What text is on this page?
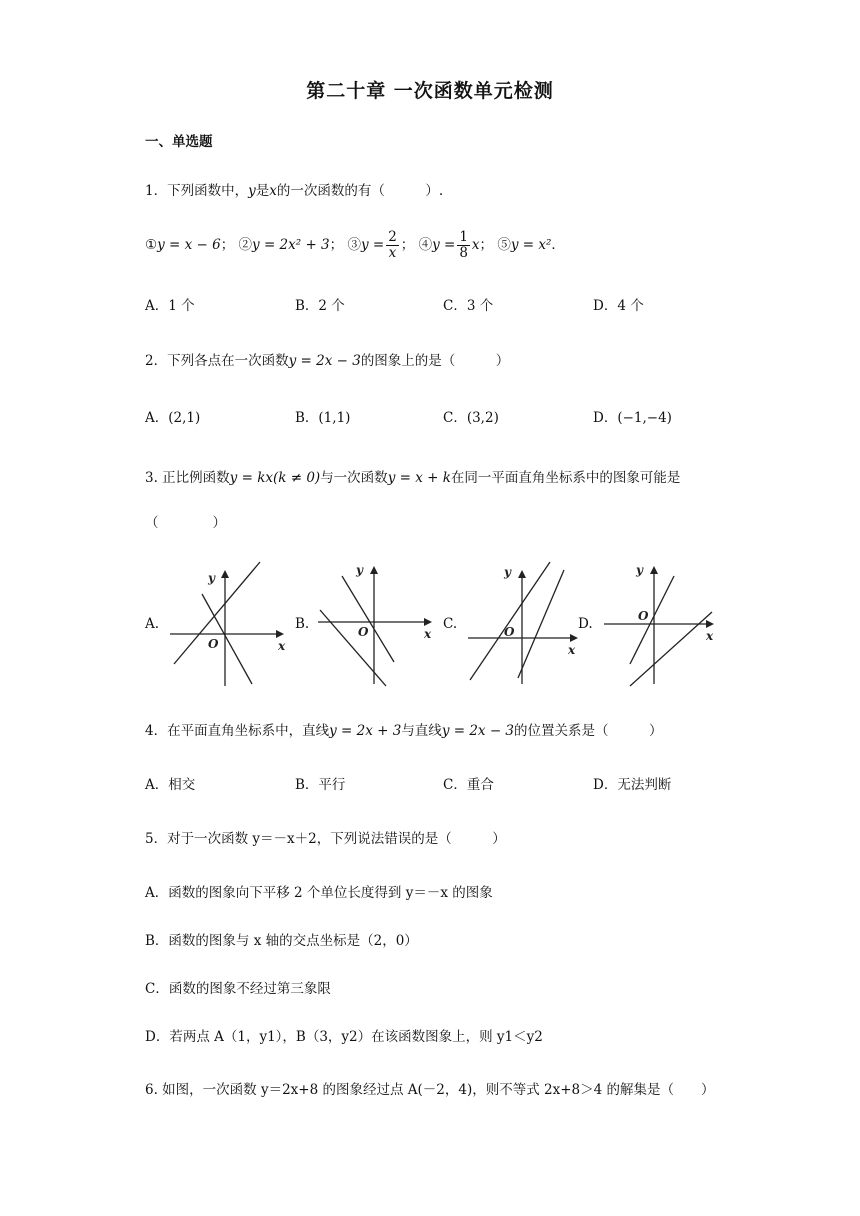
第二十章 一次函数单元检测
一、单选题
1．下列函数中，y是x的一次函数的有（　　　）.
①y = x − 6； ②y = 2x² + 3； ③y = $\frac{2}{x}$ ； ④y = $\frac{1}{8}$ x； ⑤y = x²．
A．1 个	B．2 个	C．3 个	D．4 个
2．下列各点在一次函数y = 2x − 3的图象上的是（　　　）
A．(2,1)	B．(1,1)	C．(3,2)	D．(−1,−4)
3. 正比例函数y = kx(k ≠ 0)与一次函数y = x + k在同一平面直角坐标系中的图象可能是
（　　　　）
A.	B.	C.	D.
x
y
O
x
y
O
x
y
O	x
y
O
4．在平面直角坐标系中，直线y = 2x + 3与直线y = 2x − 3的位置关系是（　　　）
A．相交	B．平行	C．重合	D．无法判断
5．对于一次函数 y＝－x＋2，下列说法错误的是（　　　）
A．函数的图象向下平移 2 个单位长度得到 y＝－x 的图象
B．函数的图象与 x 轴的交点坐标是（2，0）
C．函数的图象不经过第三象限
D．若两点 A（1，y1），B（3，y2）在该函数图象上，则 y1＜y2
6. 如图，一次函数 y＝2x+8 的图象经过点 A(－2，4)，则不等式 2x+8＞4 的解集是（　　）
